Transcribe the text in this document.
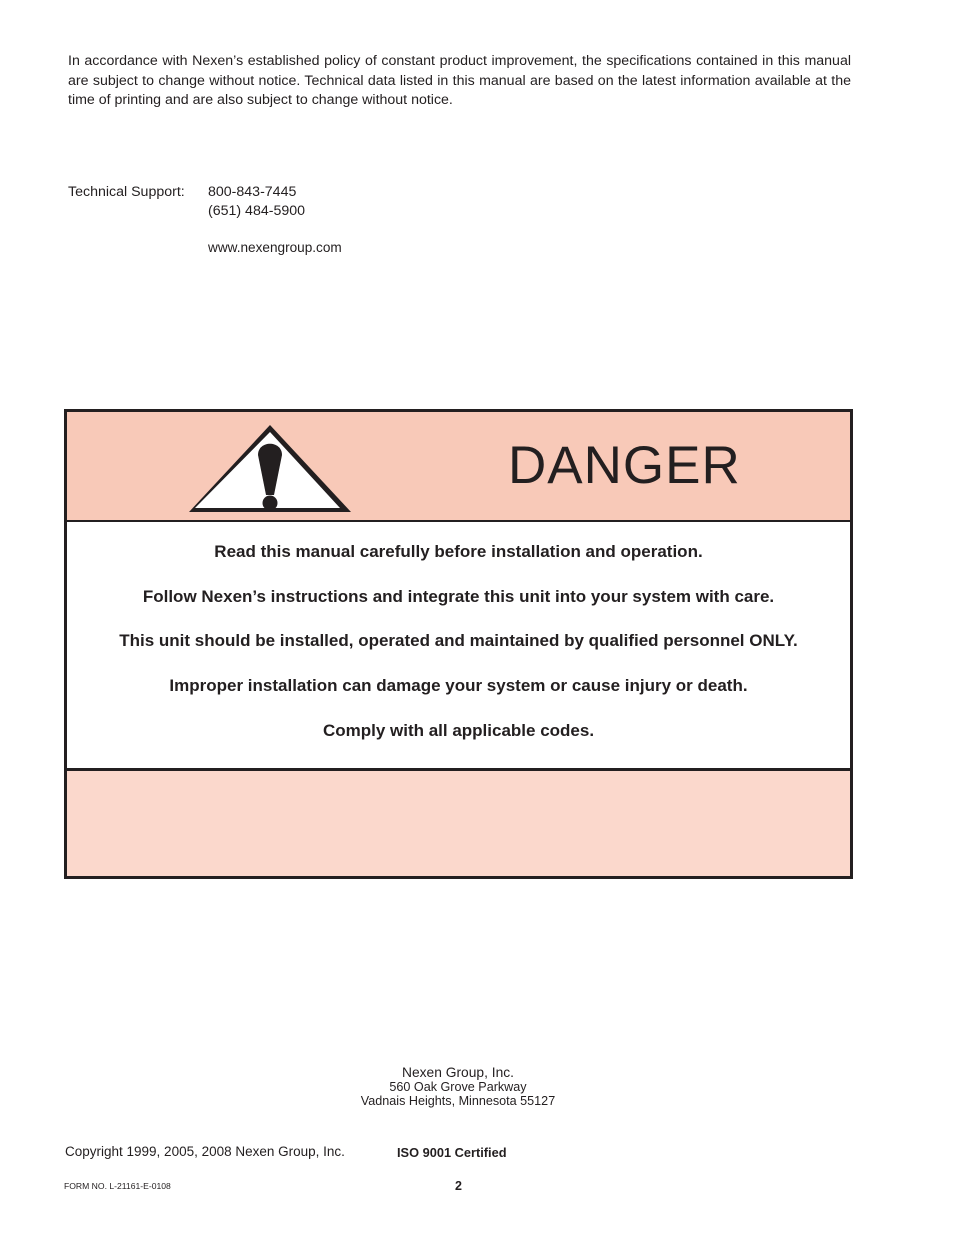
In accordance with Nexen’s established policy of constant product improvement, the specifications contained in this manual are subject to change without notice. Technical data listed in this manual are based on the latest information available at the time of printing and are also subject to change without notice.

Technical Support: 800-843-7445
(651) 484-5900
www.nexengroup.com
DANGER
Read this manual carefully before installation and operation.
Follow Nexen’s instructions and integrate this unit into your system with care.
This unit should be installed, operated and maintained by qualified personnel ONLY.
Improper installation can damage your system or cause injury or death.
Comply with all applicable codes.
Nexen Group, Inc.
560 Oak Grove Parkway
Vadnais Heights, Minnesota 55127
Copyright 1999, 2005, 2008 Nexen Group, Inc.	ISO 9001 Certified
FORM NO. L-21161-E-0108	2
